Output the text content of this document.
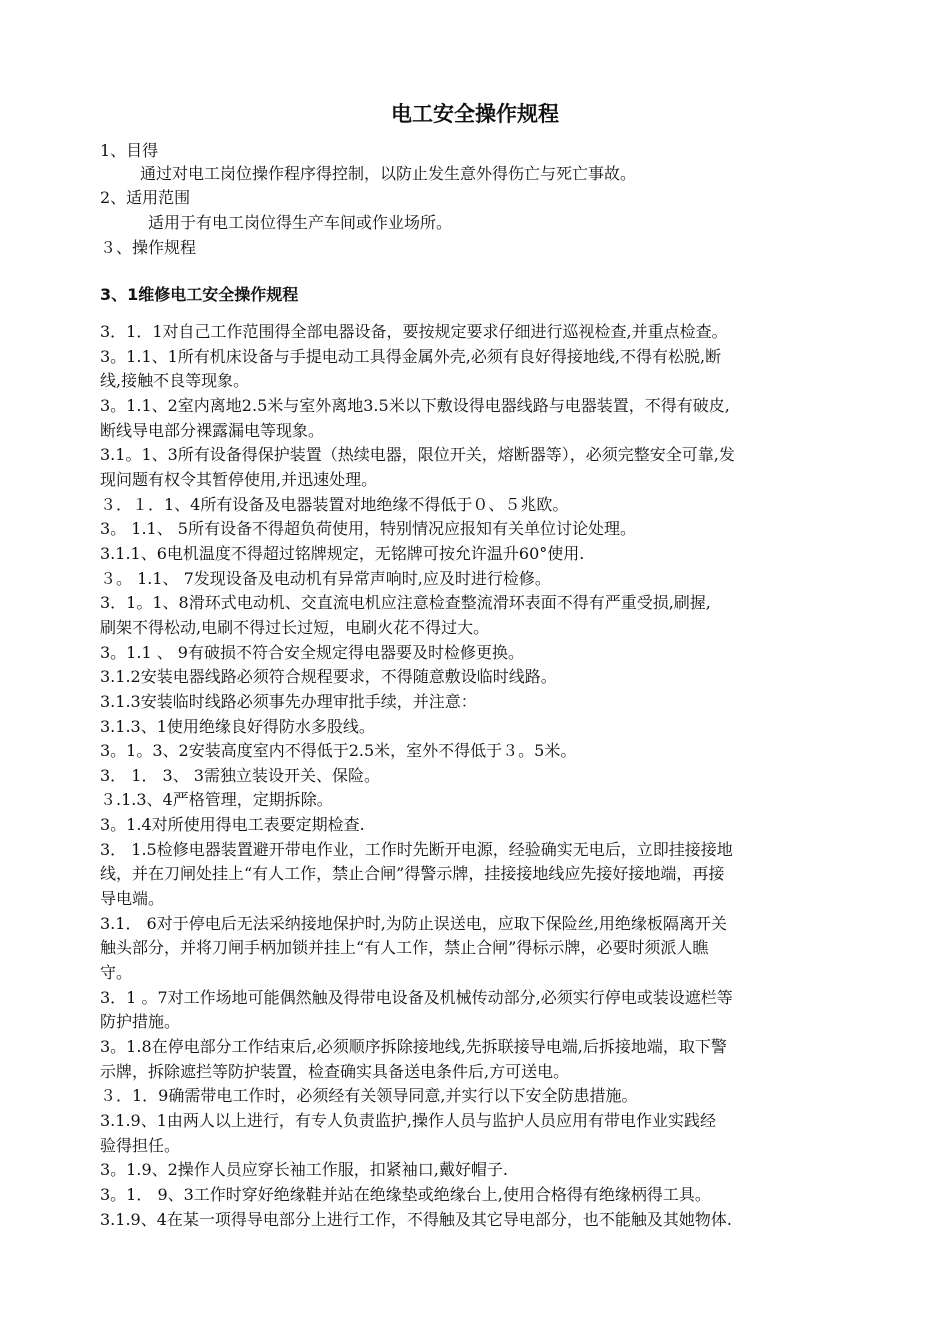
电工安全操作规程
1、目得
通过对电工岗位操作程序得控制，以防止发生意外得伤亡与死亡事故。
2、适用范围
适用于有电工岗位得生产车间或作业场所。
３、操作规程
3、1维修电工安全操作规程
3．1．1对自己工作范围得全部电器设备，要按规定要求仔细进行巡视检查,并重点检查。
3。1.1、1所有机床设备与手提电动工具得金属外壳,必须有良好得接地线,不得有松脱,断
线,接触不良等现象。
3。1.1、2室内离地2.5米与室外离地3.5米以下敷设得电器线路与电器装置，不得有破皮,
断线导电部分裸露漏电等现象。
3.1。1、3所有设备得保护装置（热续电器，限位开关，熔断器等），必须完整安全可靠,发
现问题有权令其暂停使用,并迅速处理。
３．１．1、4所有设备及电器装置对地绝缘不得低于０、５兆欧。
3。 1.1、 5所有设备不得超负荷使用，特别情况应报知有关单位讨论处理。
3.1.1、6电机温度不得超过铭牌规定，无铭牌可按允许温升60°使用.
３。 1.1、 7发现设备及电动机有异常声响时,应及时进行检修。
3．1。1、8滑环式电动机、交直流电机应注意检查整流滑环表面不得有严重受损,刷握,
刷架不得松动,电刷不得过长过短，电刷火花不得过大。
3。1.1 、 9有破损不符合安全规定得电器要及时检修更换。
3.1.2安装电器线路必须符合规程要求，不得随意敷设临时线路。
3.1.3安装临时线路必须事先办理审批手续，并注意：
3.1.3、1使用绝缘良好得防水多股线。
3。1。3、2安装高度室内不得低于2.5米，室外不得低于３。5米。
3． 1． 3、 3需独立装设开关、保险。
３.1.3、4严格管理，定期拆除。
3。1.4对所使用得电工表要定期检查.
3． 1.5检修电器装置避开带电作业，工作时先断开电源，经验确实无电后，立即挂接接地
线，并在刀闸处挂上“有人工作，禁止合闸”得警示牌，挂接接地线应先接好接地端，再接
导电端。
3.1． 6对于停电后无法采纳接地保护时,为防止误送电，应取下保险丝,用绝缘板隔离开关
触头部分，并将刀闸手柄加锁并挂上“有人工作，禁止合闸”得标示牌，必要时须派人瞧
守。
3．1 。7对工作场地可能偶然触及得带电设备及机械传动部分,必须实行停电或装设遮栏等
防护措施。
3。1.8在停电部分工作结束后,必须顺序拆除接地线,先拆联接导电端,后拆接地端，取下警
示牌，拆除遮拦等防护装置，检查确实具备送电条件后,方可送电。
３．1．9确需带电工作时，必须经有关领导同意,并实行以下安全防患措施。
3.1.9、1由两人以上进行，有专人负责监护,操作人员与监护人员应用有带电作业实践经
验得担任。
3。1.9、2操作人员应穿长袖工作服，扣紧袖口,戴好帽子.
3。1． 9、3工作时穿好绝缘鞋并站在绝缘垫或绝缘台上,使用合格得有绝缘柄得工具。
3.1.9、4在某一项得导电部分上进行工作，不得触及其它导电部分，也不能触及其她物体.
